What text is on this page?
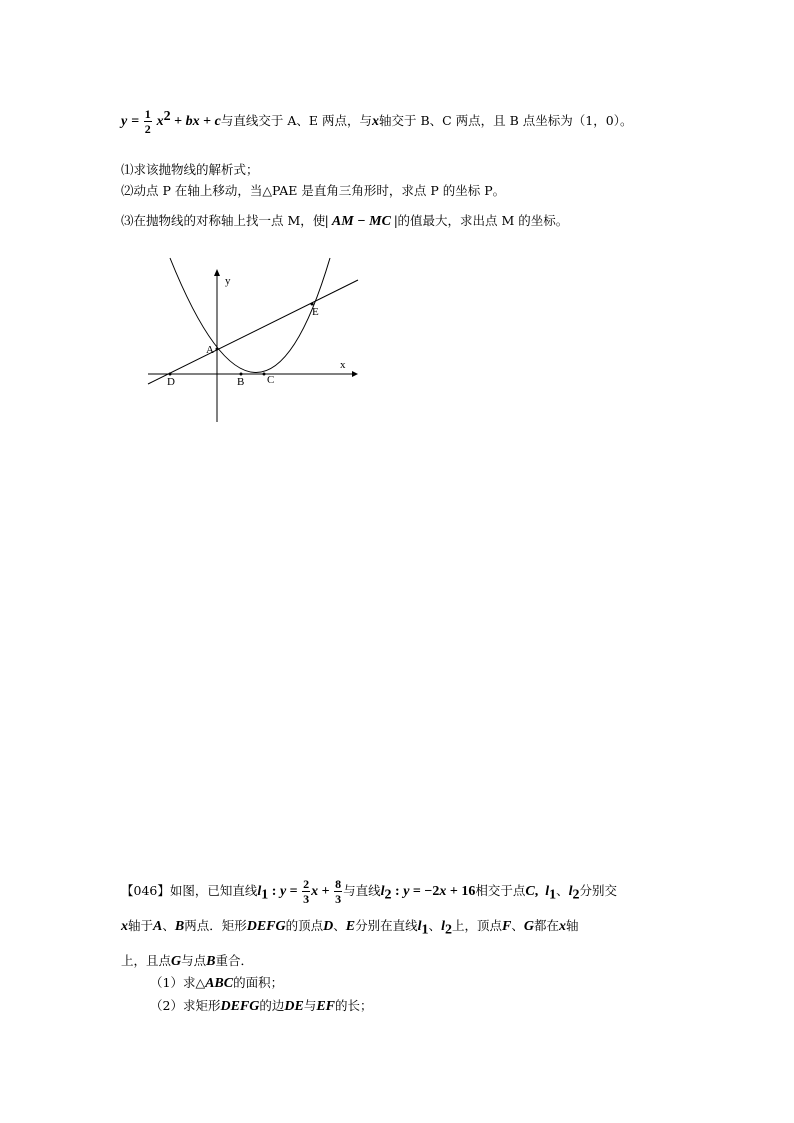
$y = \frac{1}{2} x^2$ + bx + c与直线交于 A、E 两点，与x轴交于 B、C 两点，且 B 点坐标为（1，0）。
⑴求该抛物线的解析式；
⑵动点 P 在轴上移动，当△PAE 是直角三角形时，求点 P 的坐标 P。
⑶在抛物线的对称轴上找一点 M，使| AM − MC |的值最大，求出点 M 的坐标。
y
x
A
D	B C
E
【046】如图，已知直线$l_1$ : $y = \frac{2}{3}$ $x + \frac{8}{3}$ 与直线$l_2$ : y = −2x + 16相交于点C,  $l_1$、$l_2$分别交
x轴于A、B两点．矩形DEFG的顶点D、E分别在直线$l_1$、$l_2$上，顶点F、G都在x轴
上，且点G与点B重合．
（1）求△ABC的面积；
（2）求矩形DEFG的边DE与EF的长；
